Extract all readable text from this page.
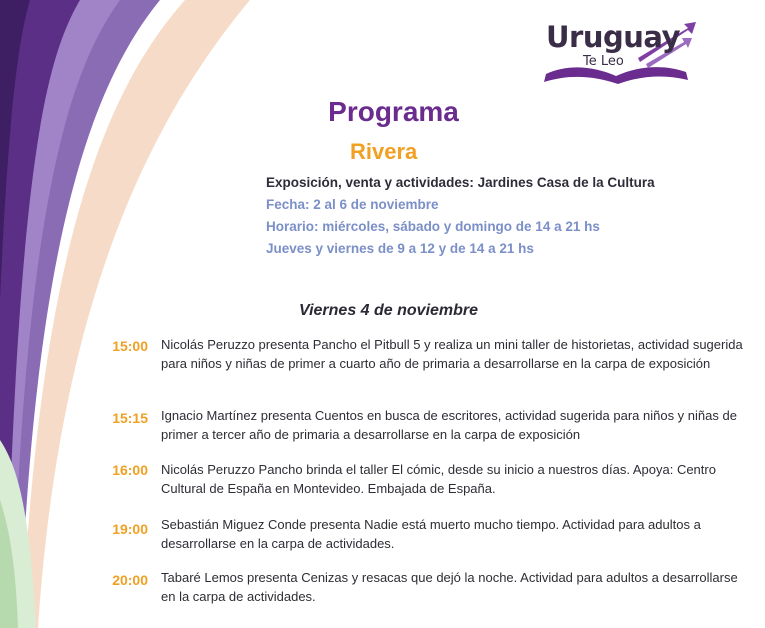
Uruguay
Te Leo
Programa
Rivera
Exposición, venta y actividades: Jardines Casa de la Cultura
Fecha: 2 al 6 de noviembre
Horario: miércoles, sábado y domingo de 14 a 21 hs
Jueves y viernes de 9 a 12 y de 14 a 21 hs
Viernes 4 de noviembre
15:00 Nicolás Peruzzo presenta Pancho el Pitbull 5 y realiza un mini taller de historietas, actividad sugerida para niños y niñas de primer a cuarto año de primaria a desarrollarse en la carpa de exposición
15:15 Ignacio Martínez presenta Cuentos en busca de escritores, actividad sugerida para niños y niñas de primer a tercer año de primaria a desarrollarse en la carpa de exposición
16:00 Nicolás Peruzzo Pancho brinda el taller El cómic, desde su inicio a nuestros días. Apoya: Centro Cultural de España en Montevideo. Embajada de España.
19:00 Sebastián Miguez Conde presenta Nadie está muerto mucho tiempo. Actividad para adultos a desarrollarse en la carpa de actividades.
20:00 Tabaré Lemos presenta Cenizas y resacas que dejó la noche. Actividad para adultos a desarrollarse en la carpa de actividades.
